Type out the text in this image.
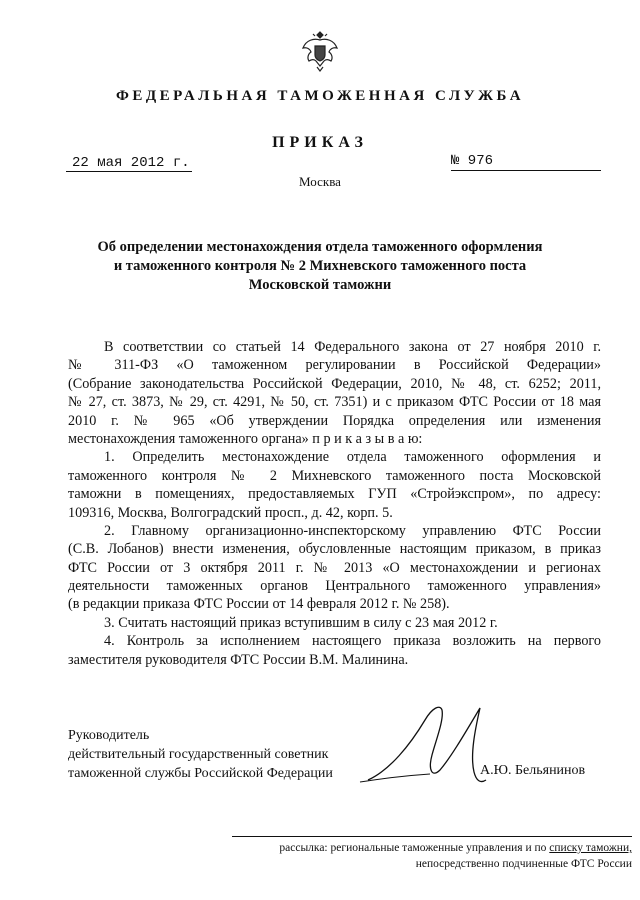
ФЕДЕРАЛЬНАЯ ТАМОЖЕННАЯ СЛУЖБА
ПРИКАЗ
22 мая 2012 г.	№ 976
Москва
Об определении местонахождения отдела таможенного оформления
и таможенного контроля № 2 Михневского таможенного поста
Московской таможни
В соответствии со статьей 14 Федерального закона от 27 ноября 2010 г.
№ 311-ФЗ «О таможенном регулировании в Российской Федерации»
(Собрание законодательства Российской Федерации, 2010, № 48, ст. 6252; 2011,
№ 27, ст. 3873, № 29, ст. 4291, № 50, ст. 7351) и с приказом ФТС России от 18 мая
2010 г. № 965 «Об утверждении Порядка определения или изменения
местонахождения таможенного органа» п р и к а з ы в а ю:
1. Определить местонахождение отдела таможенного оформления и
таможенного контроля № 2 Михневского таможенного поста Московской
таможни в помещениях, предоставляемых ГУП «Стройэкспром», по адресу:
109316, Москва, Волгоградский просп., д. 42, корп. 5.
2. Главному организационно-инспекторскому управлению ФТС России
(С.В. Лобанов) внести изменения, обусловленные настоящим приказом, в приказ
ФТС России от 3 октября 2011 г. № 2013 «О местонахождении и регионах
деятельности таможенных органов Центрального таможенного управления»
(в редакции приказа ФТС России от 14 февраля 2012 г. № 258).
3. Считать настоящий приказ вступившим в силу с 23 мая 2012 г.
4. Контроль за исполнением настоящего приказа возложить на первого
заместителя руководителя ФТС России В.М. Малинина.
Руководитель
действительный государственный советник
таможенной службы Российской Федерации	А.Ю. Бельянинов
рассылка: региональные таможенные управления и по списку таможни,
непосредственно подчиненные ФТС России
